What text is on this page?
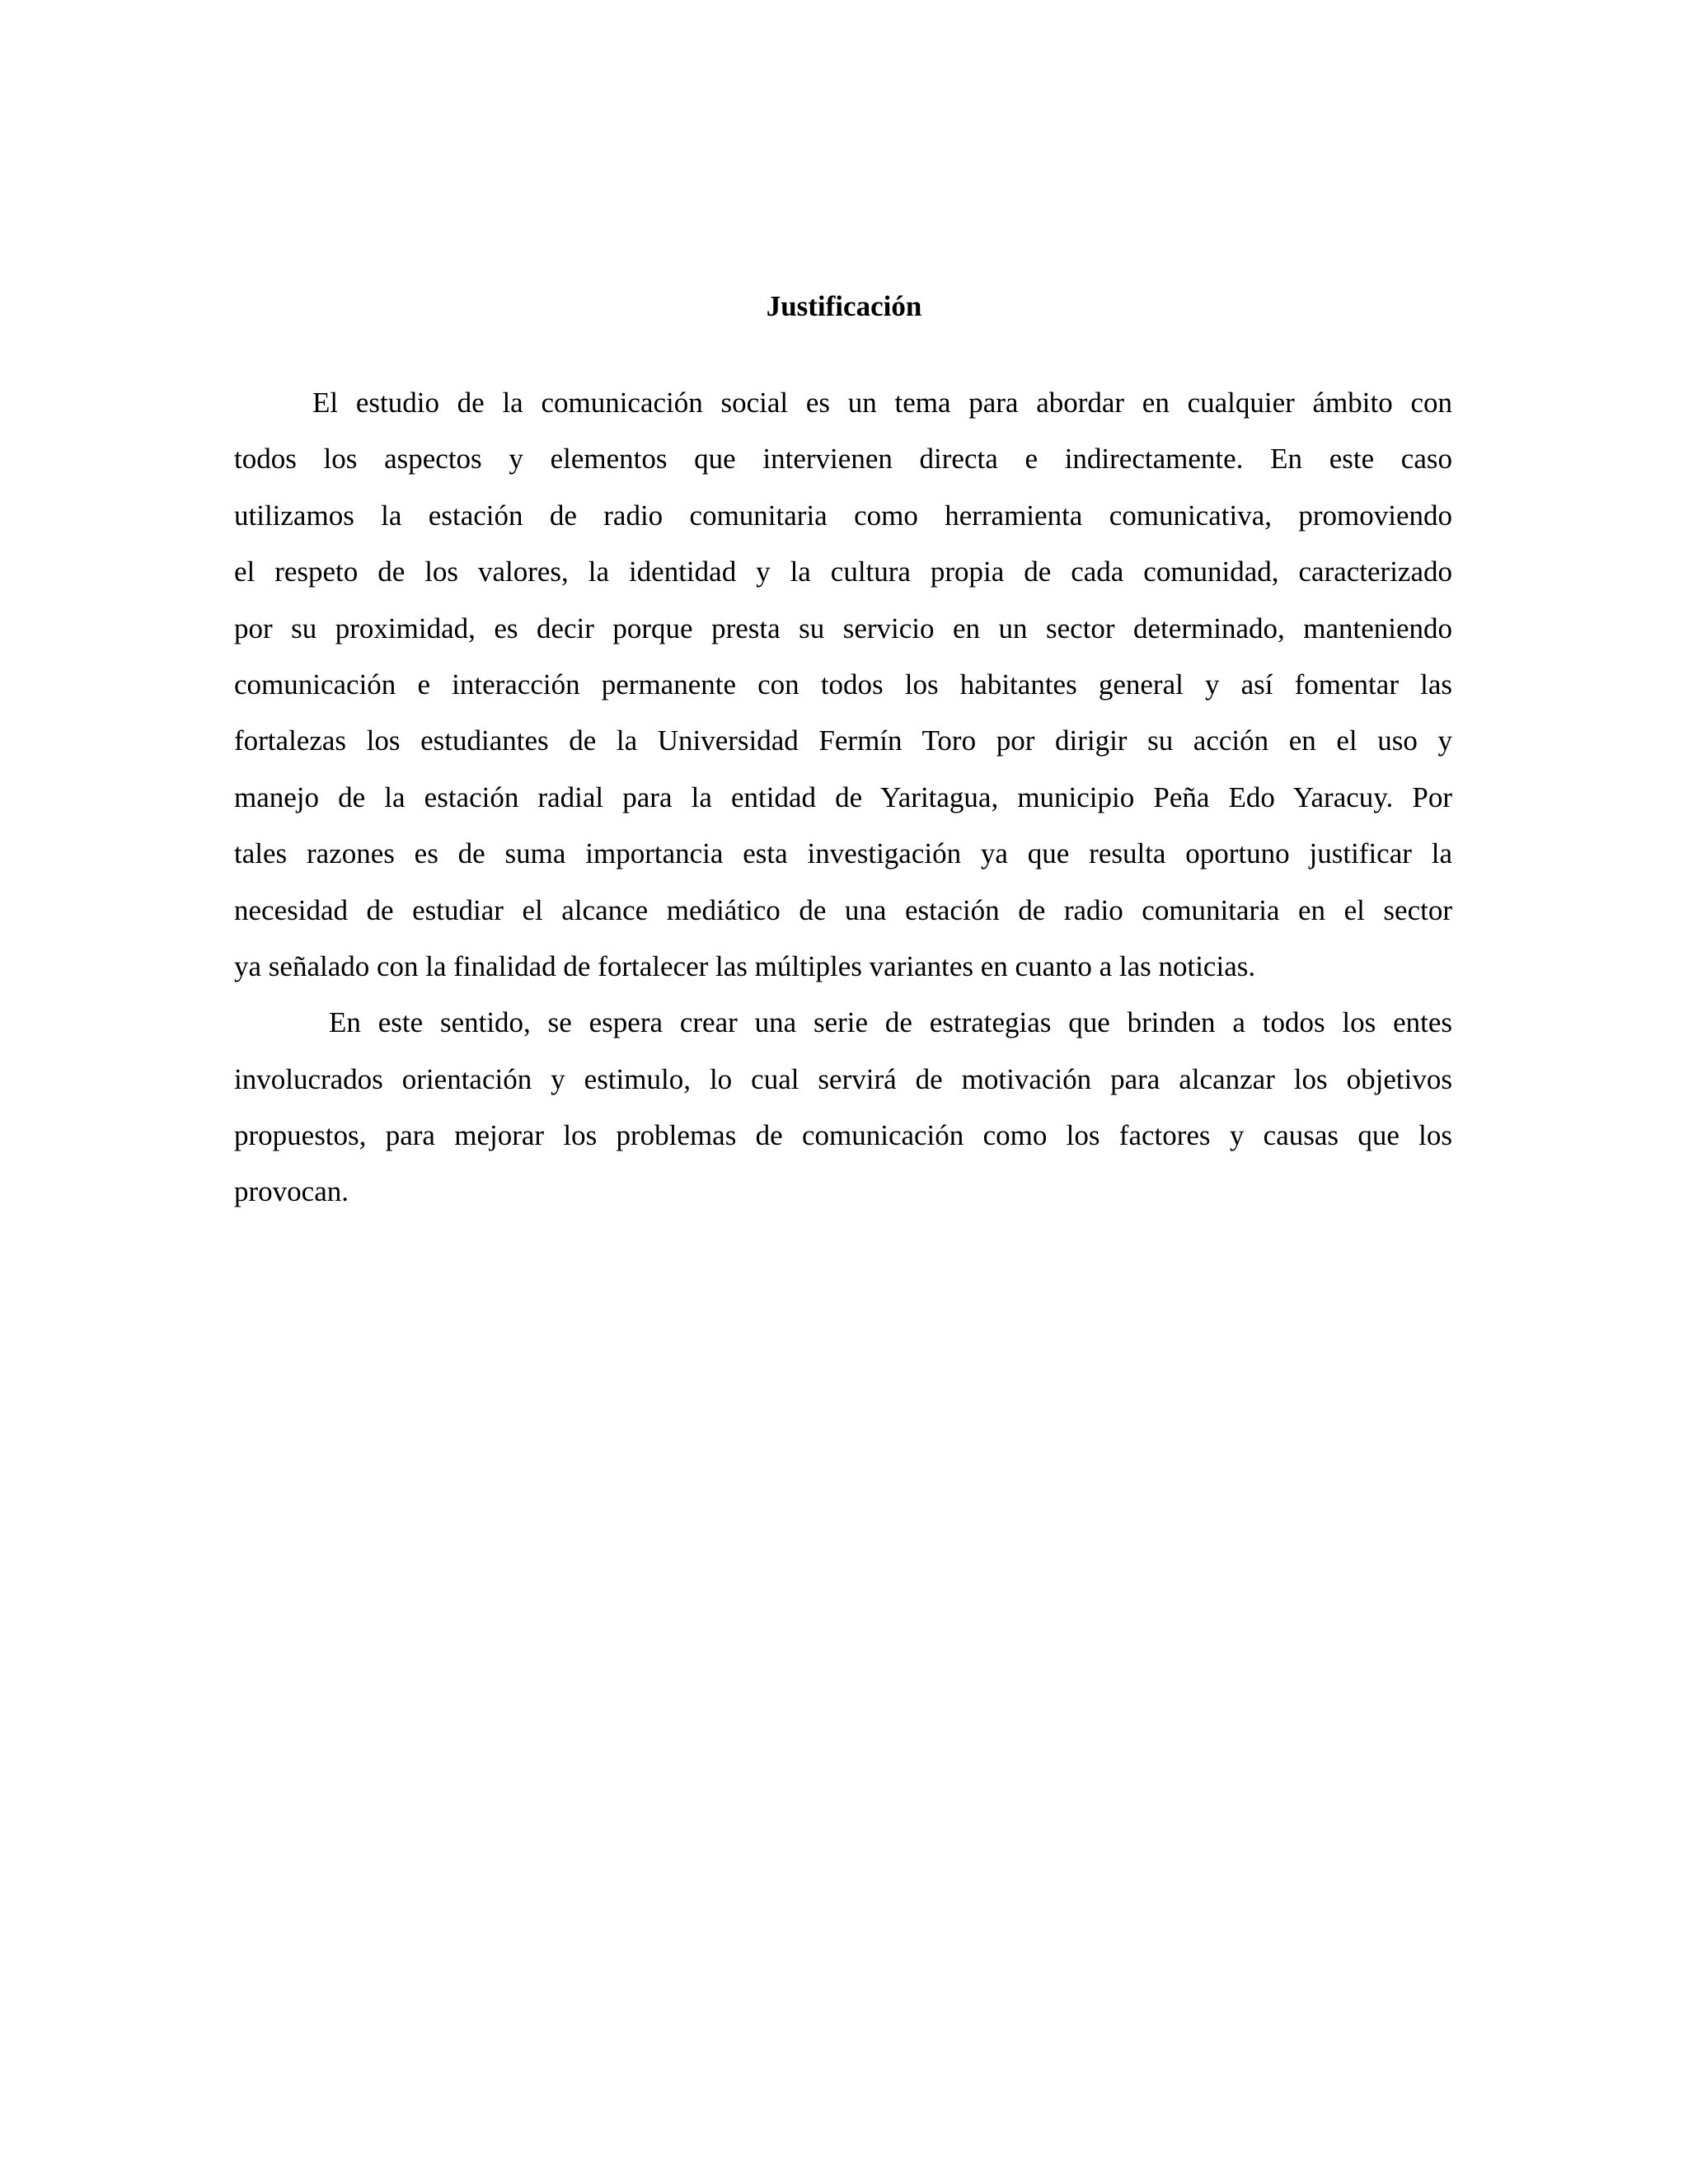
Justificación

El estudio de la comunicación social es un tema para abordar en cualquier ámbito con
todos los aspectos y elementos que intervienen directa e indirectamente. En este caso
utilizamos la estación de radio comunitaria como herramienta comunicativa, promoviendo
el respeto de los valores, la identidad y la cultura propia de cada comunidad, caracterizado
por su proximidad, es decir porque presta su servicio en un sector determinado, manteniendo
comunicación e interacción permanente con todos los habitantes general y así fomentar las
fortalezas los estudiantes de la Universidad Fermín Toro por dirigir su acción en el uso y
manejo de la estación radial para la entidad de Yaritagua, municipio Peña Edo Yaracuy. Por
tales razones es de suma importancia esta investigación ya que resulta oportuno justificar la
necesidad de estudiar el alcance mediático de una estación de radio comunitaria en el sector
ya señalado con la finalidad de fortalecer las múltiples variantes en cuanto a las noticias.

En este sentido, se espera crear una serie de estrategias que brinden a todos los entes
involucrados orientación y estimulo, lo cual servirá de motivación para alcanzar los objetivos
propuestos, para mejorar los problemas de comunicación como los factores y causas que los
provocan.
